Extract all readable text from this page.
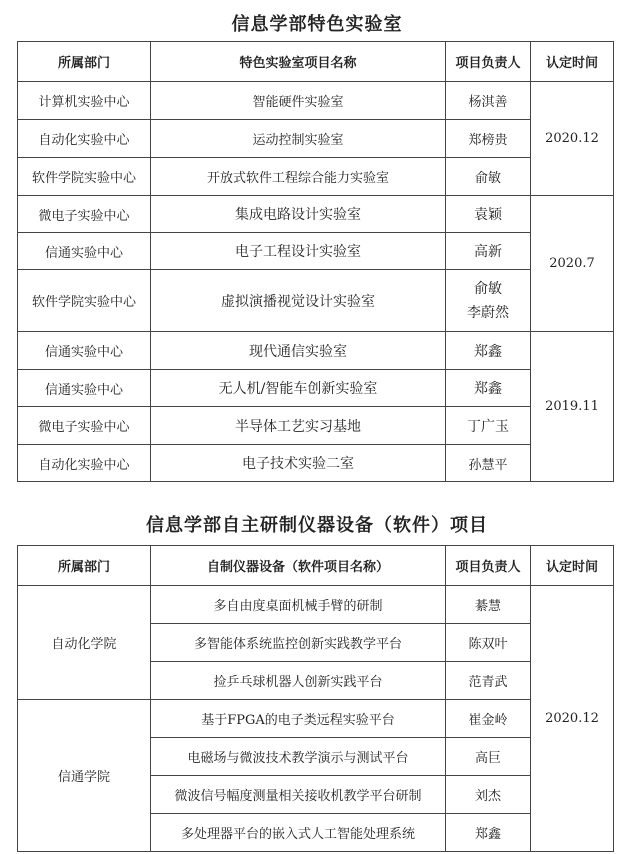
信息学部特色实验室
所属部门	特色实验室项目名称	项目负责人	认定时间
计算机实验中心	智能硬件实验室	杨淇善	2020.12
自动化实验中心	运动控制实验室	郑榜贵	
软件学院实验中心	开放式软件工程综合能力实验室	俞敏	
微电子实验中心	集成电路设计实验室	袁颖	2020.7
信通实验中心	电子工程设计实验室	高新	
软件学院实验中心	虚拟演播视觉设计实验室	俞敏
李蔚然	

信通实验中心	现代通信实验室	郑鑫	2019.11
信通实验中心	无人机/智能车创新实验室	郑鑫	
微电子实验中心	半导体工艺实习基地	丁广玉	
自动化实验中心	电子技术实验二室	孙慧平	
信息学部自主研制仪器设备（软件）项目
所属部门	自制仪器设备（软件项目名称）	项目负责人	认定时间
自动化学院	多自由度桌面机械手臂的研制	綦慧	2020.12
	多智能体系统监控创新实践教学平台	陈双叶	
	捡乒乓球机器人创新实践平台	范青武	
信通学院	基于FPGA的电子类远程实验平台	崔金岭	
	电磁场与微波技术教学演示与测试平台	高巨	
	微波信号幅度测量相关接收机教学平台研制	刘杰	
	多处理器平台的嵌入式人工智能处理系统	郑鑫	
